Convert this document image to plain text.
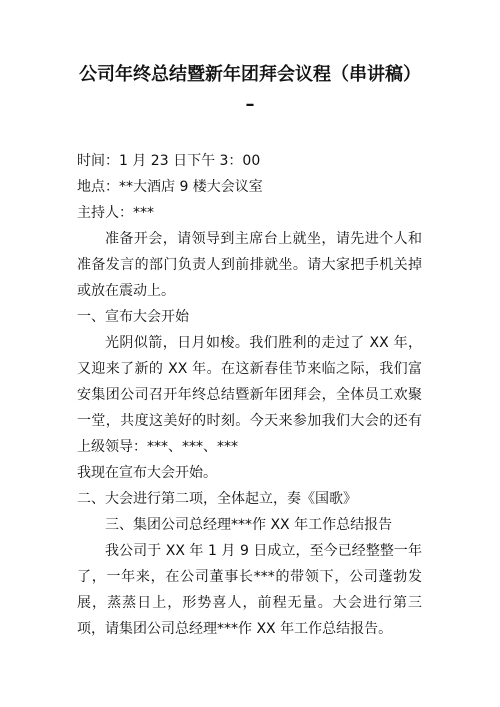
公司年终总结暨新年团拜会议程（串讲稿）
–

时间：1 月 23 日下午 3：00

地点：**大酒店 9 楼大会议室

主持人：***

准备开会，请领导到主席台上就坐，请先进个人和准备发言的部门负责人到前排就坐。请大家把手机关掉或放在震动上。

一、宣布大会开始

光阴似箭，日月如梭。我们胜利的走过了 XX 年，又迎来了新的 XX 年。在这新春佳节来临之际，我们富安集团公司召开年终总结暨新年团拜会，全体员工欢聚一堂，共度这美好的时刻。今天来参加我们大会的还有上级领导：***、***、***

我现在宣布大会开始。

二、大会进行第二项，全体起立，奏《国歌》

三、集团公司总经理***作 XX 年工作总结报告

我公司于 XX 年 1 月 9 日成立，至今已经整整一年了，一年来，在公司董事长***的带领下，公司蓬勃发展，蒸蒸日上，形势喜人，前程无量。大会进行第三项，请集团公司总经理***作 XX 年工作总结报告。
